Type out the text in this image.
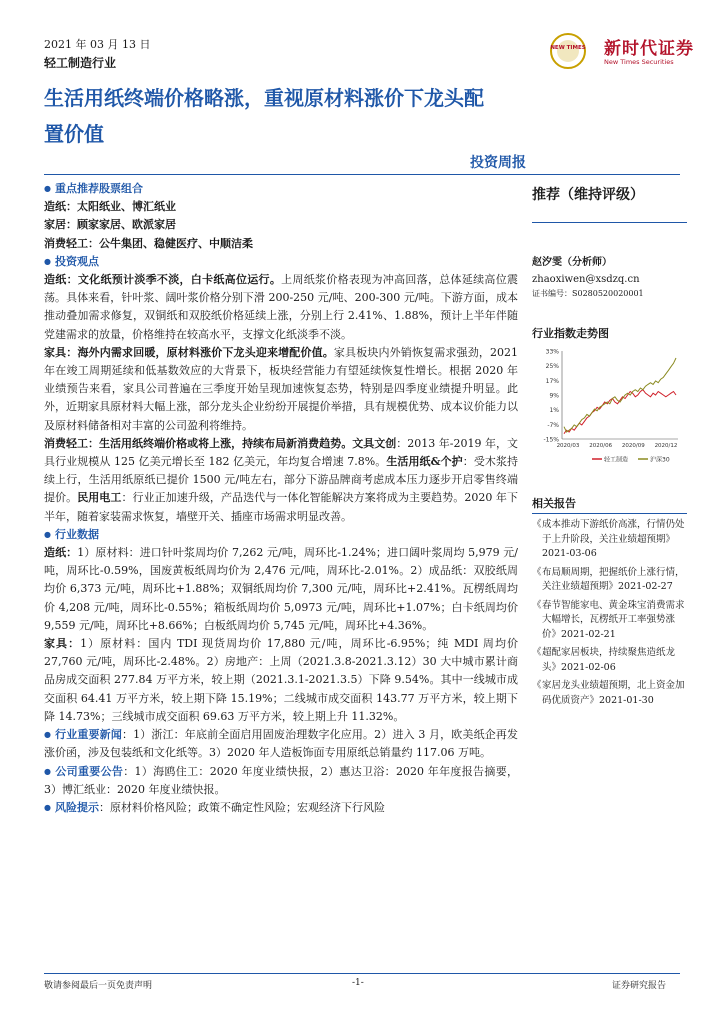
2021 年 03 月 13 日
轻工制造行业
NEW TIMES 新时代证券
New Times Securities
生活用纸终端价格略涨，重视原材料涨价下龙头配
置价值
投资周报
● 重点推荐股票组合
造纸：太阳纸业、博汇纸业
家居：顾家家居、欧派家居
消费轻工：公牛集团、稳健医疗、中顺洁柔
● 投资观点
造纸：文化纸预计淡季不淡，白卡纸高位运行。上周纸浆价格表现为冲高回落，总体延续高位震荡。具体来看，针叶浆、阔叶浆价格分别下滑 200-250 元/吨、200-300 元/吨。下游方面，成本推动叠加需求修复，双铜纸和双胶纸价格延续上涨，分别上行 2.41%、1.88%，预计上半年伴随党建需求的放量，价格维持在较高水平，支撑文化纸淡季不淡。
家具：海外内需求回暖，原材料涨价下龙头迎来增配价值。家具板块内外销恢复需求强劲，2021 年在竣工周期延续和低基数效应的大背景下，板块经营能力有望延续恢复性增长。根据 2020 年业绩预告来看，家具公司普遍在三季度开始呈现加速恢复态势，特别是四季度业绩提升明显。此外，近期家具原材料大幅上涨，部分龙头企业纷纷开展提价举措，具有规模优势、成本议价能力以及原材料储备相对丰富的公司盈利将维持。
消费轻工：生活用纸终端价格或将上涨，持续布局新消费趋势。文具文创：2013 年-2019 年，文具行业规模从 125 亿美元增长至 182 亿美元，年均复合增速 7.8%。生活用纸&个护：受木浆持续上行，生活用纸原纸已提价 1500 元/吨左右，部分下游品牌商考虑成本压力逐步开启零售终端提价。民用电工：行业正加速升级，产品迭代与一体化智能解决方案将成为主要趋势。2020 年下半年，随着家装需求恢复，墙壁开关、插座市场需求明显改善。
● 行业数据
造纸：1）原材料：进口针叶浆周均价 7,262 元/吨，周环比-1.24%；进口阔叶浆周均 5,979 元/吨，周环比-0.59%，国废黄板纸周均价为 2,476 元/吨，周环比-2.01%。2）成品纸：双胶纸周均价 6,373 元/吨，周环比+1.88%；双铜纸周均价 7,300 元/吨，周环比+2.41%。瓦楞纸周均价 4,208 元/吨，周环比-0.55%；箱板纸周均价 5,0973 元/吨，周环比+1.07%；白卡纸周均价 9,559 元/吨，周环比+8.66%；白板纸周均价 5,745 元/吨，周环比+4.36%。
家具：1）原材料：国内 TDI 现货周均价 17,880 元/吨，周环比-6.95%；纯 MDI 周均价 27,760 元/吨，周环比-2.48%。2）房地产：上周（2021.3.8-2021.3.12）30 大中城市累计商品房成交面积 277.84 万平方米，较上期（2021.3.1-2021.3.5）下降 9.54%。其中一线城市成交面积 64.41 万平方米，较上期下降 15.19%；二线城市成交面积 143.77 万平方米，较上期下降 14.73%；三线城市成交面积 69.63 万平方米，较上期上升 11.32%。
● 行业重要新闻：1）浙江：年底前全面启用固废治理数字化应用。2）进入 3 月，欧美纸企再发涨价函，涉及包装纸和文化纸等。3）2020 年人造板饰面专用原纸总销量约 117.06 万吨。
● 公司重要公告：1）海鸥住工：2020 年度业绩快报，2）惠达卫浴：2020 年年度报告摘要，3）博汇纸业：2020 年度业绩快报。
● 风险提示：原材料价格风险；政策不确定性风险；宏观经济下行风险
推荐（维持评级）
赵汐雯（分析师）
zhaoxiwen@xsdzq.cn
证书编号：S0280520020001
行业指数走势图
33%
25%
17%
9%
1%
-7%
-15%
2020/03 2020/06 2020/09 2020/12
轻工制造	沪深30
相关报告
《 成本推动下游纸价高涨，行情仍处于上升阶段，关注业绩超预期》2021-03-06
《 布局顺周期，把握纸价上涨行情，关注业绩超预期》2021-02-27
《 春节智能家电、黄金珠宝消费需求大幅增长，瓦楞纸开工率强势涨价》2021-02-21
《 超配家居板块，持续聚焦造纸龙头》2021-02-06
《 家居龙头业绩超预期，北上资金加码优质资产》2021-01-30
敬请参阅最后一页免责声明	-1-	证券研究报告
